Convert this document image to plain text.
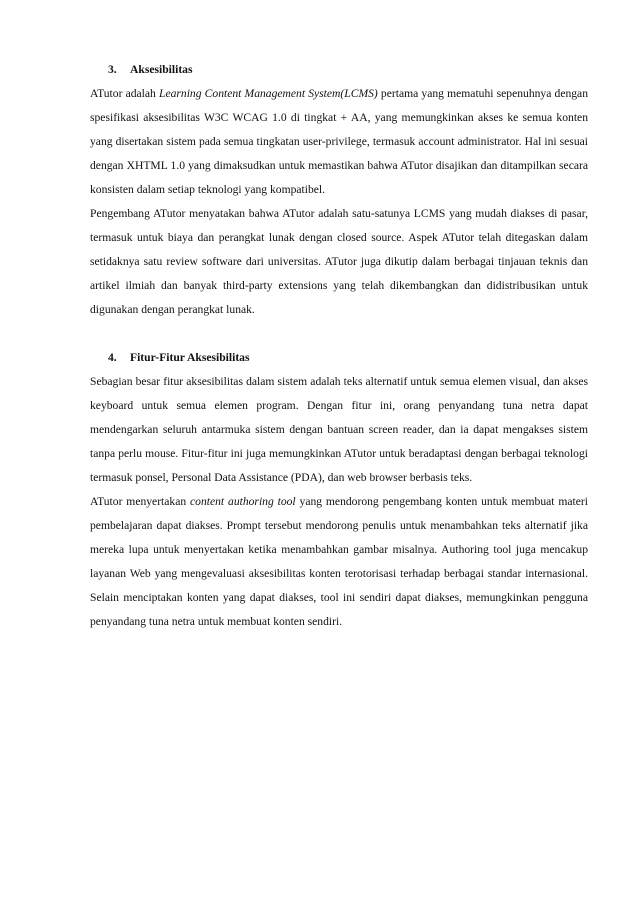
3. Aksesibilitas

ATutor adalah Learning Content Management System(LCMS) pertama yang mematuhi sepenuhnya dengan spesifikasi aksesibilitas W3C WCAG 1.0 di tingkat + AA, yang memungkinkan akses ke semua konten yang disertakan sistem pada semua tingkatan user-privilege, termasuk account administrator. Hal ini sesuai dengan XHTML 1.0 yang dimaksudkan untuk memastikan bahwa ATutor disajikan dan ditampilkan secara konsisten dalam setiap teknologi yang kompatibel.

Pengembang ATutor menyatakan bahwa ATutor adalah satu-satunya LCMS yang mudah diakses di pasar, termasuk untuk biaya dan perangkat lunak dengan closed source. Aspek ATutor telah ditegaskan dalam setidaknya satu review software dari universitas. ATutor juga dikutip dalam berbagai tinjauan teknis dan artikel ilmiah dan banyak third-party extensions yang telah dikembangkan dan didistribusikan untuk digunakan dengan perangkat lunak.

4. Fitur-Fitur Aksesibilitas

Sebagian besar fitur aksesibilitas dalam sistem adalah teks alternatif untuk semua elemen visual, dan akses keyboard untuk semua elemen program. Dengan fitur ini, orang penyandang tuna netra dapat mendengarkan seluruh antarmuka sistem dengan bantuan screen reader, dan ia dapat mengakses sistem tanpa perlu mouse. Fitur-fitur ini juga memungkinkan ATutor untuk beradaptasi dengan berbagai teknologi termasuk ponsel, Personal Data Assistance (PDA), dan web browser berbasis teks.

ATutor menyertakan content authoring tool yang mendorong pengembang konten untuk membuat materi pembelajaran dapat diakses. Prompt tersebut mendorong penulis untuk menambahkan teks alternatif jika mereka lupa untuk menyertakan ketika menambahkan gambar misalnya. Authoring tool juga mencakup layanan Web yang mengevaluasi aksesibilitas konten terotorisasi terhadap berbagai standar internasional. Selain menciptakan konten yang dapat diakses, tool ini sendiri dapat diakses, memungkinkan pengguna penyandang tuna netra untuk membuat konten sendiri.
